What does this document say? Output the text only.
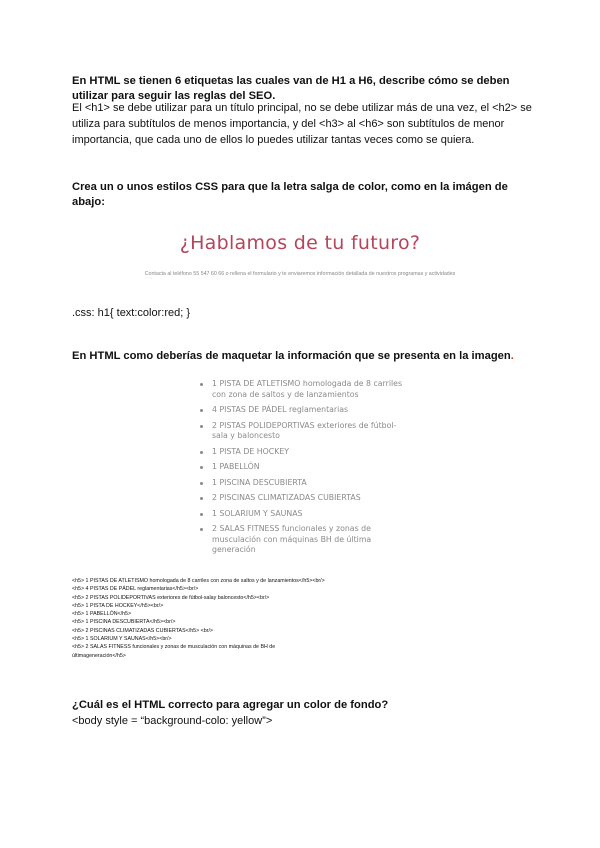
En HTML se tienen 6 etiquetas las cuales van de H1 a H6, describe cómo se deben utilizar para seguir las reglas del SEO.
El <h1> se debe utilizar para un título principal, no se debe utilizar más de una vez, el <h2> se utiliza para subtítulos de menos importancia, y del <h3> al <h6> son subtítulos de menor importancia, que cada uno de ellos lo puedes utilizar tantas veces como se quiera.
Crea un o unos estilos CSS para que la letra salga de color, como en la imágen de abajo:
¿Hablamos de tu futuro?
Contacta al teléfono 55 547 60 66 o rellena el formulario y te enviaremos información detallada de nuestros programas y actividades
.css: h1{ text:color:red; }
En HTML como deberías de maquetar la información que se presenta en la imagen.
1 PISTA DE ATLETISMO homologada de 8 carriles con zona de saltos y de lanzamientos
4 PISTAS DE PÁDEL reglamentarias
2 PISTAS POLIDEPORTIVAS exteriores de fútbol-sala y baloncesto
1 PISTA DE HOCKEY
1 PABELLÓN
1 PISCINA DESCUBIERTA
2 PISCINAS CLIMATIZADAS CUBIERTAS
1 SOLARIUM Y SAUNAS
2 SALAS FITNESS funcionales y zonas de musculación con máquinas BH de última generación
<h5> 1 PISTAS DE ATLETISMO homologada de 8 carriles con zona de saltos y de lanzamientos</h5><br/>
<h5> 4 PISTAS DE PÁDEL reglamentarias</h5><br/>
<h5> 2 PISTAS POLIDEPORTIVAS exteriores de fútbol-salay baloncesto</h5><br/>
<h5> 1 PISTA DE HOCKEY</h5><br/>
<h5> 1 PABELLÓN</h5>
<h5> 1 PISCINA DESCUBIERTA</h5><br/>
<h5> 2 PISCINAS CLIMATIZADAS CUBIERTAS</h5> <br/>
<h5> 1 SOLARIUM Y SAUNAS</h5><br/>
<h5> 2 SALAS FITNESS funcionales y zonas de musculación con máquinas de BH de
últimageneración</h5>
¿Cuál es el HTML correcto para agregar un color de fondo?
<body style = “background-colo: yellow”>
